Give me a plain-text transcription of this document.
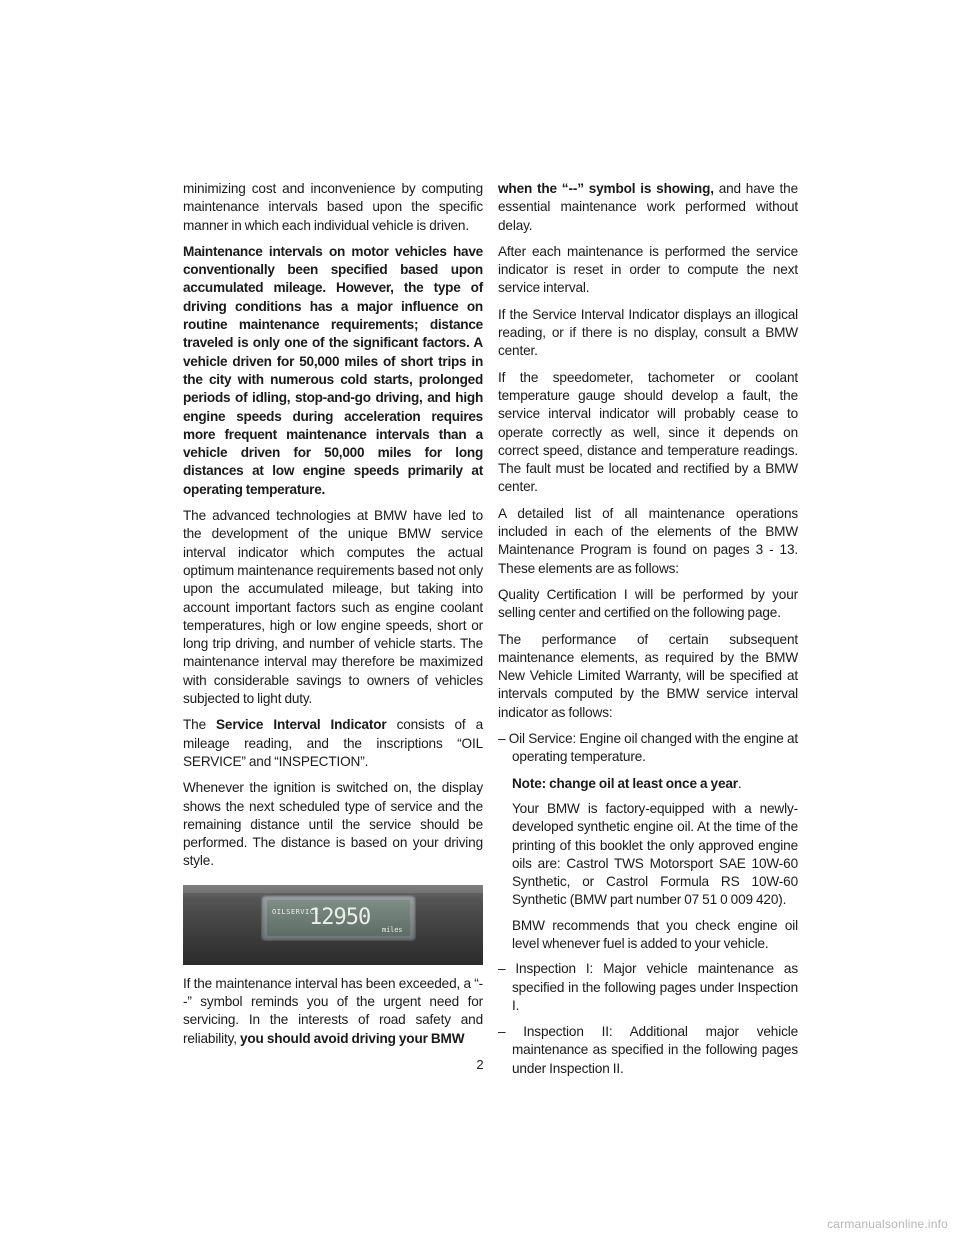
minimizing cost and inconvenience by computing maintenance intervals based upon the specific manner in which each individual vehicle is driven.

Maintenance intervals on motor vehicles have conventionally been specified based upon accumulated mileage. However, the type of driving conditions has a major influence on routine maintenance requirements; distance traveled is only one of the significant factors. A vehicle driven for 50,000 miles of short trips in the city with numerous cold starts, prolonged periods of idling, stop-and-go driving, and high engine speeds during acceleration requires more frequent maintenance intervals than a vehicle driven for 50,000 miles for long distances at low engine speeds primarily at operating temperature.

The advanced technologies at BMW have led to the development of the unique BMW service interval indicator which computes the actual optimum maintenance requirements based not only upon the accumulated mileage, but taking into account important factors such as engine coolant temperatures, high or low engine speeds, short or long trip driving, and number of vehicle starts. The maintenance interval may therefore be maximized with considerable savings to owners of vehicles subjected to light duty.

The Service Interval Indicator consists of a mileage reading, and the inscriptions “OIL SERVICE” and “INSPECTION”.

Whenever the ignition is switched on, the display shows the next scheduled type of service and the remaining distance until the service should be performed. The distance is based on your driving style.

OILSERVICE
12950 miles

If the maintenance interval has been exceeded, a “--” symbol reminds you of the urgent need for servicing. In the interests of road safety and reliability, you should avoid driving your BMW

when the “--” symbol is showing, and have the essential maintenance work performed without delay.

After each maintenance is performed the service indicator is reset in order to compute the next service interval.

If the Service Interval Indicator displays an illogical reading, or if there is no display, consult a BMW center.

If the speedometer, tachometer or coolant temperature gauge should develop a fault, the service interval indicator will probably cease to operate correctly as well, since it depends on correct speed, distance and temperature readings. The fault must be located and rectified by a BMW center.

A detailed list of all maintenance operations included in each of the elements of the BMW Maintenance Program is found on pages 3 - 13. These elements are as follows:

Quality Certification I will be performed by your selling center and certified on the following page.

The performance of certain subsequent maintenance elements, as required by the BMW New Vehicle Limited Warranty, will be specified at intervals computed by the BMW service interval indicator as follows:

– Oil Service: Engine oil changed with the engine at operating temperature.

Note: change oil at least once a year.

Your BMW is factory-equipped with a newly-developed synthetic engine oil. At the time of the printing of this booklet the only approved engine oils are: Castrol TWS Motorsport SAE 10W-60 Synthetic, or Castrol Formula RS 10W-60 Synthetic (BMW part number 07 51 0 009 420).

BMW recommends that you check engine oil level whenever fuel is added to your vehicle.

– Inspection I: Major vehicle maintenance as specified in the following pages under Inspection I.

– Inspection II: Additional major vehicle maintenance as specified in the following pages under Inspection II.

2
carmanualsonline.info
